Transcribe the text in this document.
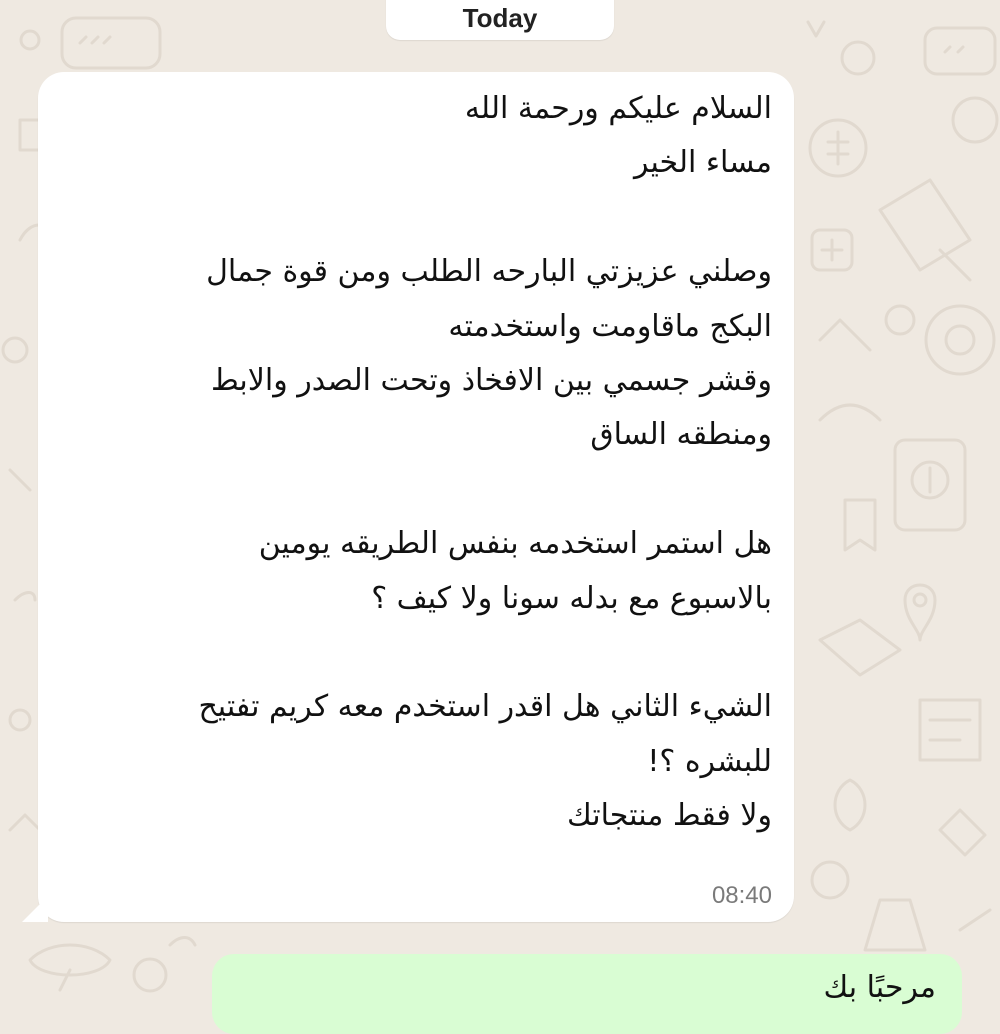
Today
السلام عليكم ورحمة الله
مساء الخير
وصلني عزيزتي البارحه الطلب ومن قوة جمال
البكج ماقاومت واستخدمته
وقشر جسمي بين الافخاذ وتحت الصدر والابط
ومنطقه الساق
هل استمر استخدمه بنفس الطريقه يومين
بالاسبوع مع بدله سونا ولا كيف ؟
الشيء الثاني هل اقدر استخدم معه كريم تفتيح
للبشره ؟!
ولا فقط منتجاتك
08:40
مرحبًا بك
